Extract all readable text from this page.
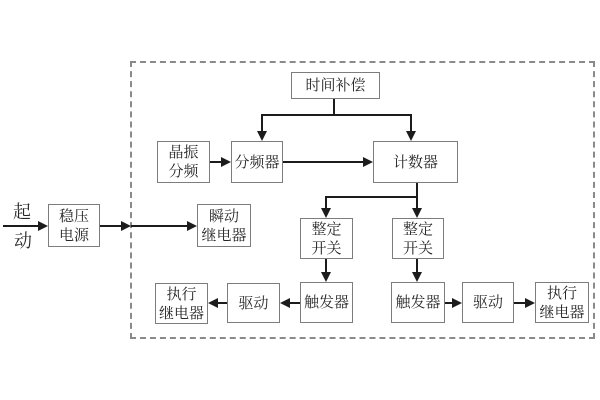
起
动
稳压
电源
瞬动
继电器
时间补偿
晶振
分频
分频器	计数器
整定
开关
整定
开关
触发器	触发器
驱动	驱动
执行
继电器
执行
继电器
